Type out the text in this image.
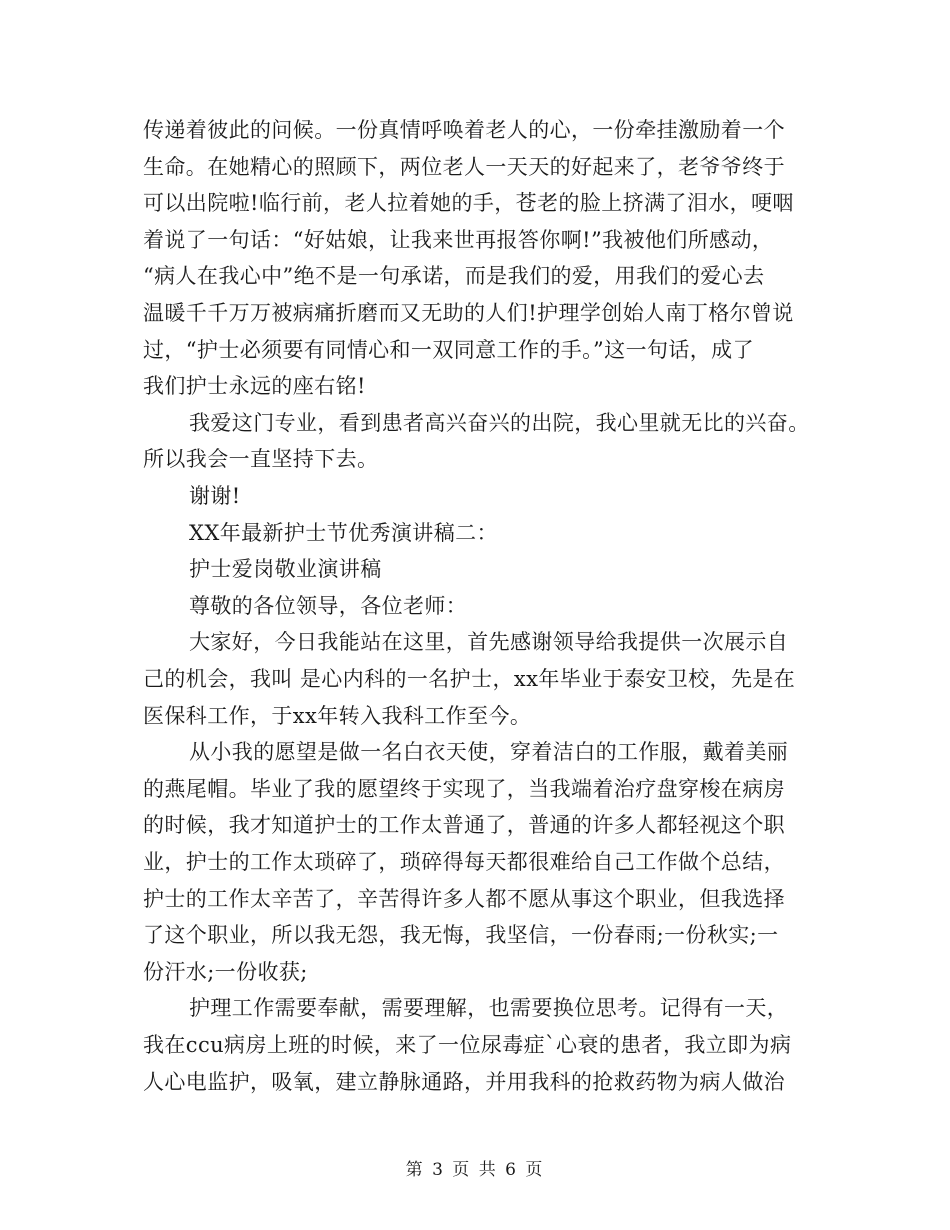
传递着彼此的问候。一份真情呼唤着老人的心，一份牵挂激励着一个
生命。在她精心的照顾下，两位老人一天天的好起来了，老爷爷终于
可以出院啦!临行前，老人拉着她的手，苍老的脸上挤满了泪水，哽咽
着说了一句话：“好姑娘，让我来世再报答你啊!”我被他们所感动，
“病人在我心中”绝不是一句承诺，而是我们的爱，用我们的爱心去
温暖千千万万被病痛折磨而又无助的人们!护理学创始人南丁格尔曾说
过，“护士必须要有同情心和一双同意工作的手。”这一句话，成了
我们护士永远的座右铭!
我爱这门专业，看到患者高兴奋兴的出院，我心里就无比的兴奋。
所以我会一直坚持下去。
谢谢!
XX年最新护士节优秀演讲稿二：
护士爱岗敬业演讲稿
尊敬的各位领导，各位老师：
大家好，今日我能站在这里，首先感谢领导给我提供一次展示自
己的机会，我叫 是心内科的一名护士，xx年毕业于泰安卫校，先是在
医保科工作，于xx年转入我科工作至今。
从小我的愿望是做一名白衣天使，穿着洁白的工作服，戴着美丽
的燕尾帽。毕业了我的愿望终于实现了，当我端着治疗盘穿梭在病房
的时候，我才知道护士的工作太普通了，普通的许多人都轻视这个职
业，护士的工作太琐碎了，琐碎得每天都很难给自己工作做个总结，
护士的工作太辛苦了，辛苦得许多人都不愿从事这个职业，但我选择
了这个职业，所以我无怨，我无悔，我坚信，一份春雨;一份秋实;一
份汗水;一份收获;
护理工作需要奉献，需要理解，也需要换位思考。记得有一天，
我在ccu病房上班的时候，来了一位尿毒症`心衰的患者，我立即为病
人心电监护，吸氧，建立静脉通路，并用我科的抢救药物为病人做治
第 3 页 共 6 页
